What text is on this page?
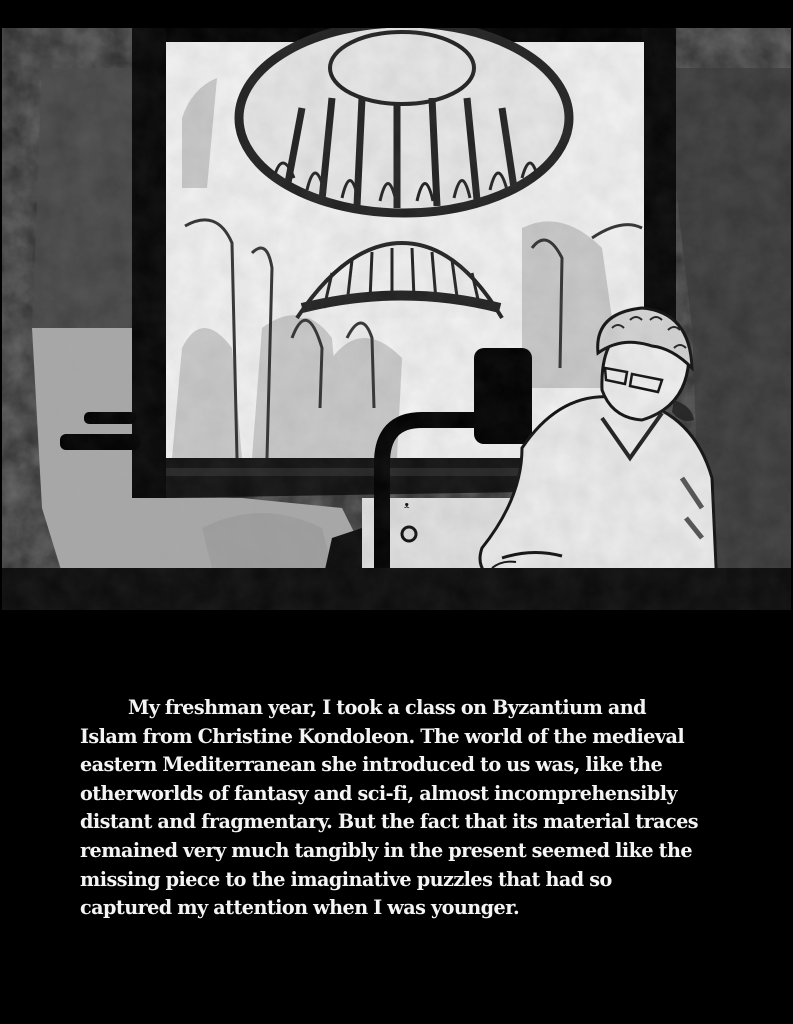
ᴥ
My freshman year, I took a class on Byzantium and
Islam from Christine Kondoleon. The world of the medieval
eastern Mediterranean she introduced to us was, like the
otherworlds of fantasy and sci-fi, almost incomprehensibly
distant and fragmentary. But the fact that its material traces
remained very much tangibly in the present seemed like the
missing piece to the imaginative puzzles that had so
captured my attention when I was younger.
